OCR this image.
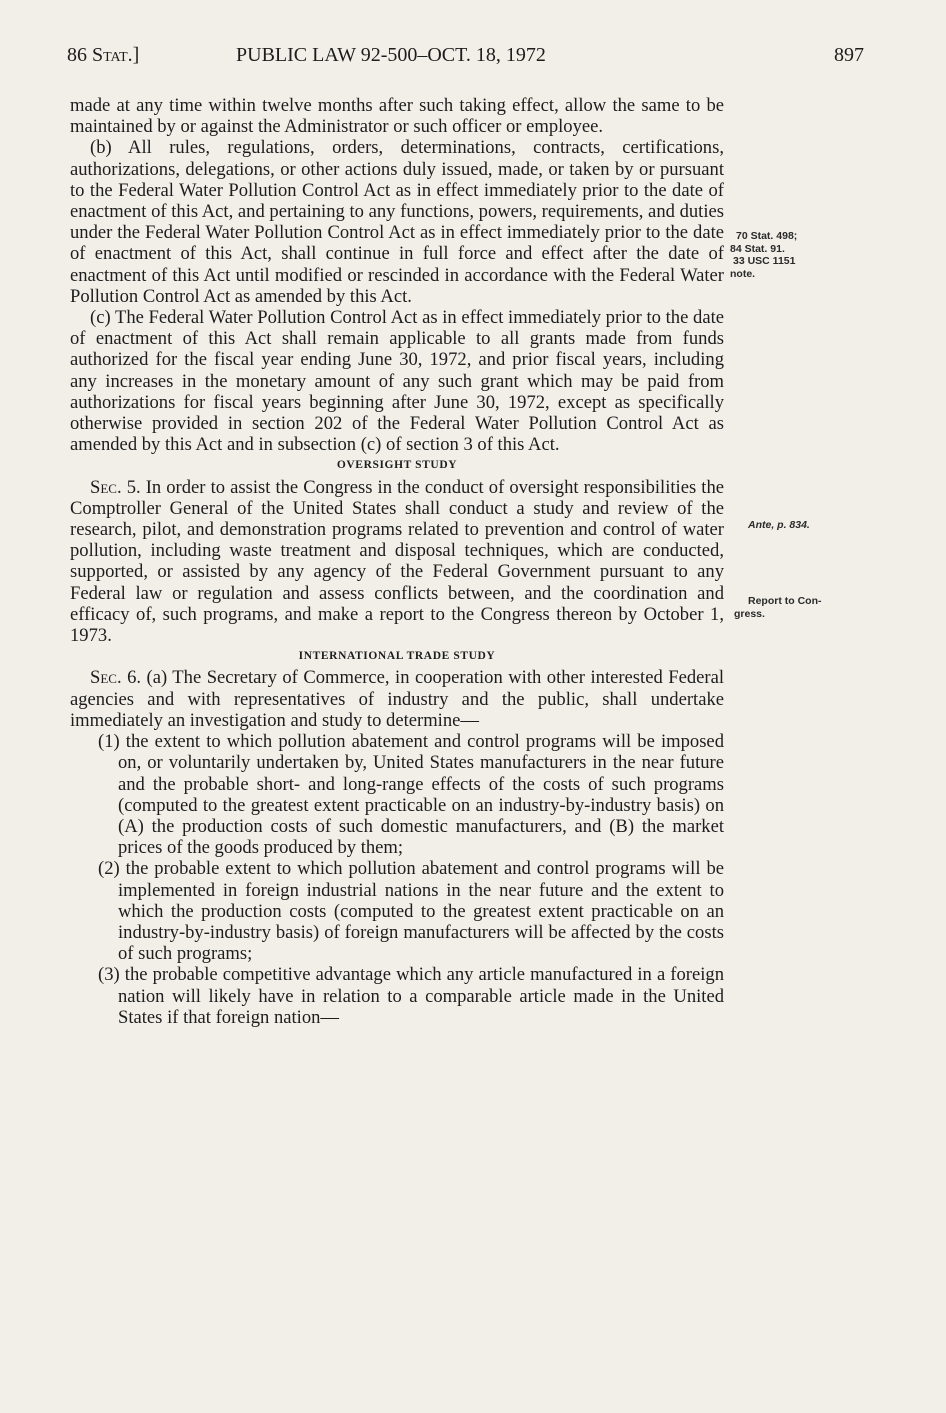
86 Stat.]	PUBLIC LAW 92-500–OCT. 18, 1972	897

made at any time within twelve months after such taking effect, allow the same to be maintained by or against the Administrator or such officer or employee.

(b) All rules, regulations, orders, determinations, contracts, certifications, authorizations, delegations, or other actions duly issued, made, or taken by or pursuant to the Federal Water Pollution Control Act as in effect immediately prior to the date of enactment of this Act, and pertaining to any functions, powers, requirements, and duties under the Federal Water Pollution Control Act as in effect immediately prior to the date of enactment of this Act, shall continue in full force and effect after the date of enactment of this Act until modified or rescinded in accordance with the Federal Water Pollution Control Act as amended by this Act.

(c) The Federal Water Pollution Control Act as in effect immediately prior to the date of enactment of this Act shall remain applicable to all grants made from funds authorized for the fiscal year ending June 30, 1972, and prior fiscal years, including any increases in the monetary amount of any such grant which may be paid from authorizations for fiscal years beginning after June 30, 1972, except as specifically otherwise provided in section 202 of the Federal Water Pollution Control Act as amended by this Act and in subsection (c) of section 3 of this Act.

OVERSIGHT STUDY

Sec. 5. In order to assist the Congress in the conduct of oversight responsibilities the Comptroller General of the United States shall conduct a study and review of the research, pilot, and demonstration programs related to prevention and control of water pollution, including waste treatment and disposal techniques, which are conducted, supported, or assisted by any agency of the Federal Government pursuant to any Federal law or regulation and assess conflicts between, and the coordination and efficacy of, such programs, and make a report to the Congress thereon by October 1, 1973.

INTERNATIONAL TRADE STUDY

Sec. 6. (a) The Secretary of Commerce, in cooperation with other interested Federal agencies and with representatives of industry and the public, shall undertake immediately an investigation and study to determine—

(1) the extent to which pollution abatement and control programs will be imposed on, or voluntarily undertaken by, United States manufacturers in the near future and the probable short- and long-range effects of the costs of such programs (computed to the greatest extent practicable on an industry-by-industry basis) on (A) the production costs of such domestic manufacturers, and (B) the market prices of the goods produced by them;

(2) the probable extent to which pollution abatement and control programs will be implemented in foreign industrial nations in the near future and the extent to which the production costs (computed to the greatest extent practicable on an industry-by-industry basis) of foreign manufacturers will be affected by the costs of such programs;

(3) the probable competitive advantage which any article manufactured in a foreign nation will likely have in relation to a comparable article made in the United States if that foreign nation—

70 Stat. 498;
84 Stat. 91.
33 USC 1151
note.
Ante, p. 834.
Report to Con-
gress.
